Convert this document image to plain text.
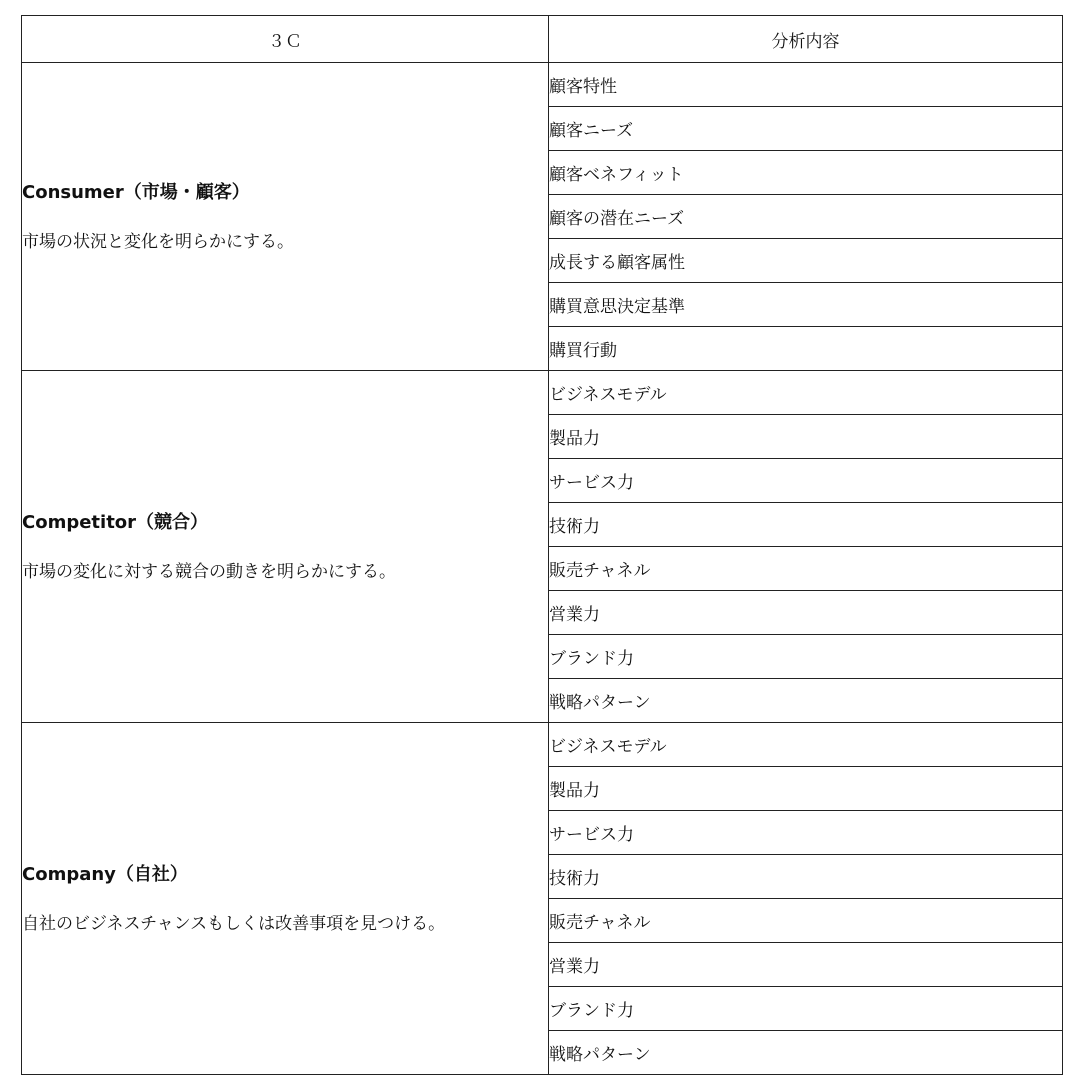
３Ｃ	分析内容

Consumer（市場・顧客）
市場の状況と変化を明らかにする。	顧客特性
	顧客ニーズ
	顧客ベネフィット
	顧客の潜在ニーズ
	成長する顧客属性
	購買意思決定基準
	購買行動

Competitor（競合）
市場の変化に対する競合の動きを明らかにする。	ビジネスモデル
	製品力
	サービス力
	技術力
	販売チャネル
	営業力
	ブランド力
	戦略パターン

Company（自社）
自社のビジネスチャンスもしくは改善事項を見つける。	ビジネスモデル
	製品力
	サービス力
	技術力
	販売チャネル
	営業力
	ブランド力
	戦略パターン
